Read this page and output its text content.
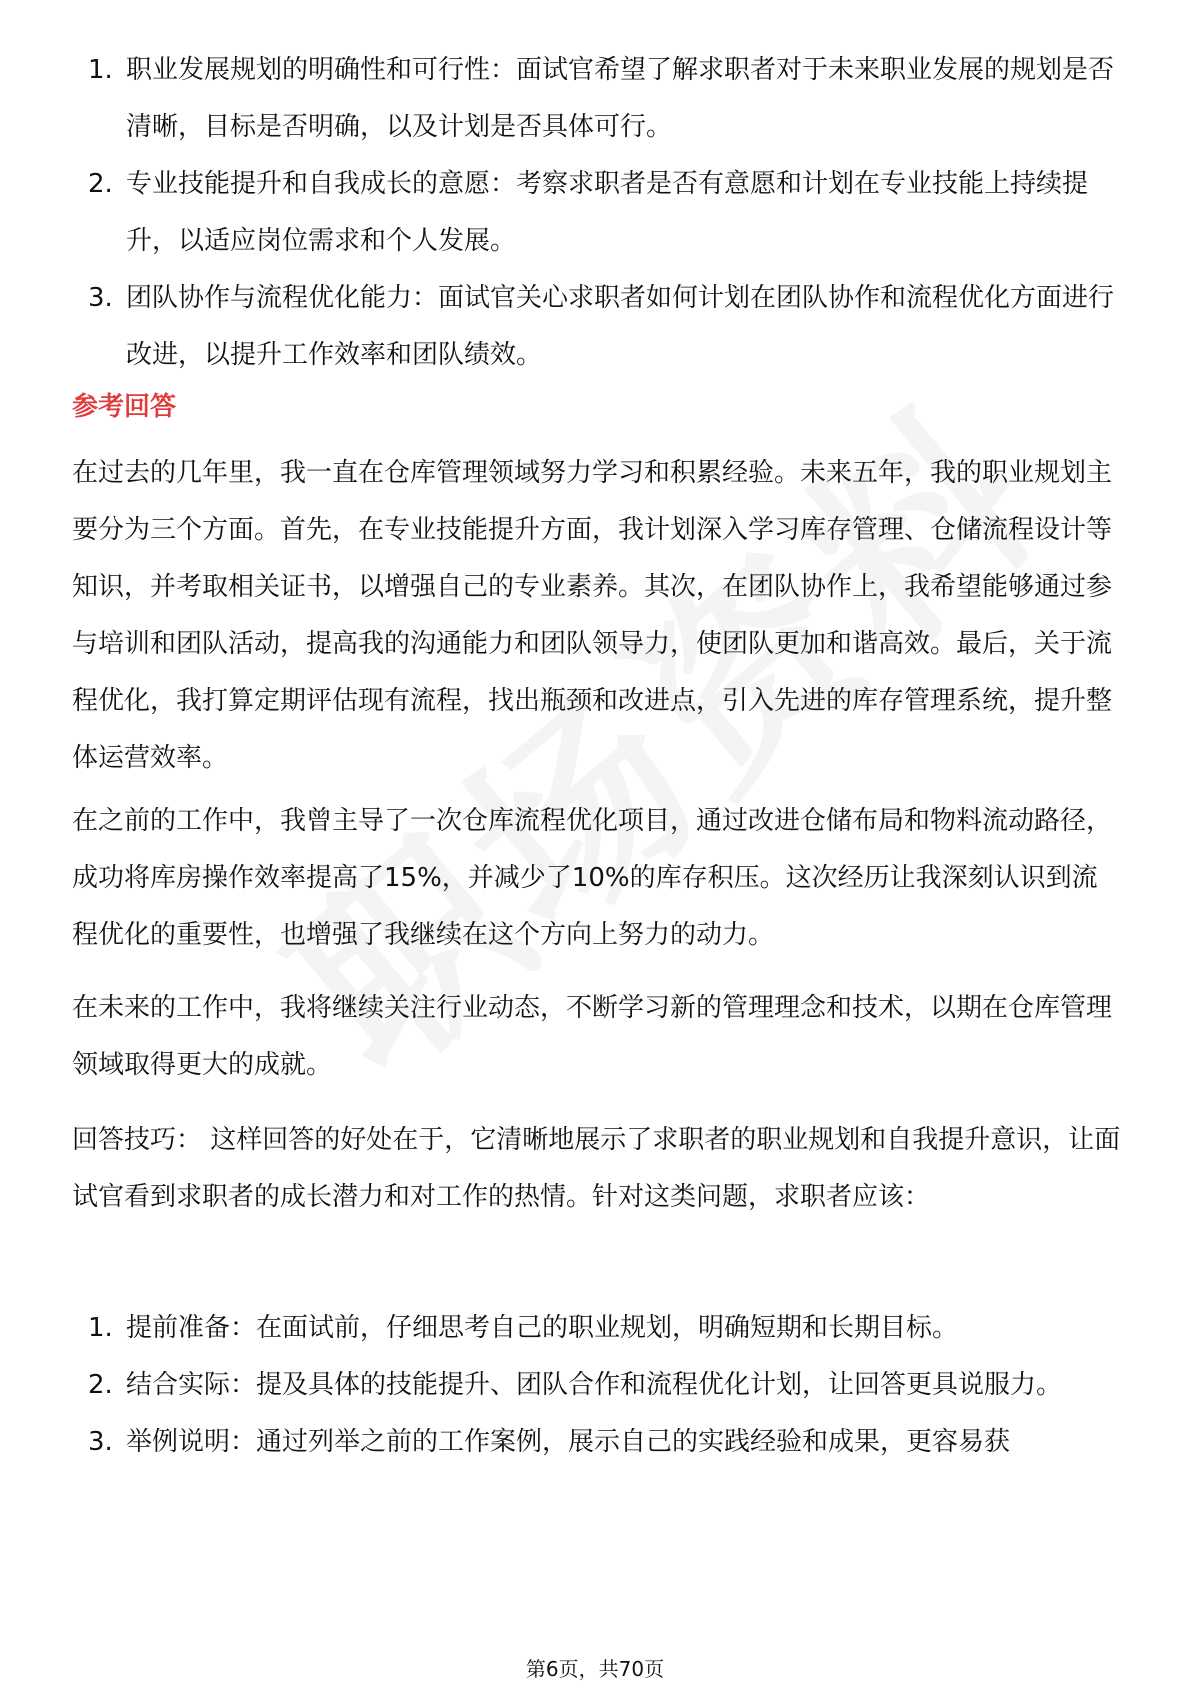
1. 职业发展规划的明确性和可行性：面试官希望了解求职者对于未来职业发展的规划是否清晰，目标是否明确，以及计划是否具体可行。
2. 专业技能提升和自我成长的意愿：考察求职者是否有意愿和计划在专业技能上持续提升，以适应岗位需求和个人发展。
3. 团队协作与流程优化能力：面试官关心求职者如何计划在团队协作和流程优化方面进行改进，以提升工作效率和团队绩效。
参考回答

在过去的几年里，我一直在仓库管理领域努力学习和积累经验。未来五年，我的职业规划主要分为三个方面。首先，在专业技能提升方面，我计划深入学习库存管理、仓储流程设计等知识，并考取相关证书，以增强自己的专业素养。其次，在团队协作上，我希望能够通过参与培训和团队活动，提高我的沟通能力和团队领导力，使团队更加和谐高效。最后，关于流程优化，我打算定期评估现有流程，找出瓶颈和改进点，引入先进的库存管理系统，提升整体运营效率。

在之前的工作中，我曾主导了一次仓库流程优化项目，通过改进仓储布局和物料流动路径，成功将库房操作效率提高了15%，并减少了10%的库存积压。这次经历让我深刻认识到流程优化的重要性，也增强了我继续在这个方向上努力的动力。

在未来的工作中，我将继续关注行业动态，不断学习新的管理理念和技术，以期在仓库管理领域取得更大的成就。

回答技巧： 这样回答的好处在于，它清晰地展示了求职者的职业规划和自我提升意识，让面试官看到求职者的成长潜力和对工作的热情。针对这类问题，求职者应该：

1. 提前准备：在面试前，仔细思考自己的职业规划，明确短期和长期目标。
2. 结合实际：提及具体的技能提升、团队合作和流程优化计划，让回答更具说服力。
3. 举例说明：通过列举之前的工作案例，展示自己的实践经验和成果，更容易获
第6页，共70页
